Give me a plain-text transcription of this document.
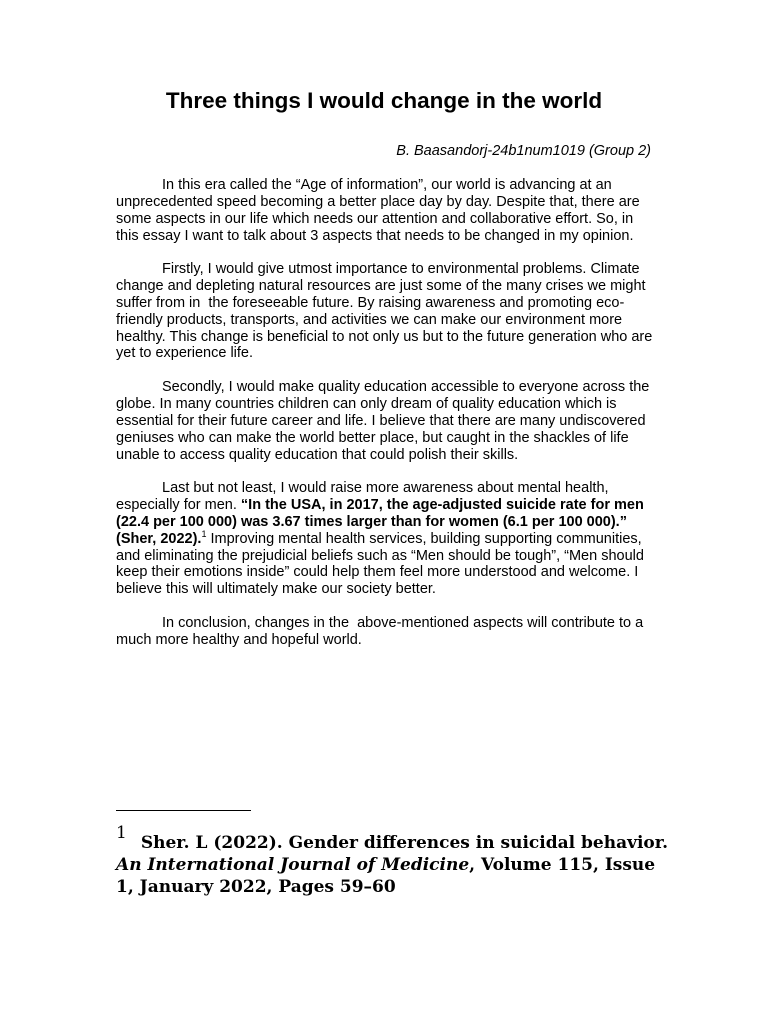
Three things I would change in the world

B. Baasandorj-24b1num1019 (Group 2)

In this era called the “Age of information”, our world is advancing at an unprecedented speed becoming a better place day by day. Despite that, there are some aspects in our life which needs our attention and collaborative effort. So, in this essay I want to talk about 3 aspects that needs to be changed in my opinion.

Firstly, I would give utmost importance to environmental problems. Climate change and depleting natural resources are just some of the many crises we might suffer from in  the foreseeable future. By raising awareness and promoting eco-friendly products, transports, and activities we can make our environment more healthy. This change is beneficial to not only us but to the future generation who are yet to experience life.

Secondly, I would make quality education accessible to everyone across the globe. In many countries children can only dream of quality education which is essential for their future career and life. I believe that there are many undiscovered geniuses who can make the world better place, but caught in the shackles of life unable to access quality education that could polish their skills.

Last but not least, I would raise more awareness about mental health, especially for men. “In the USA, in 2017, the age-adjusted suicide rate for men (22.4 per 100 000) was 3.67 times larger than for women (6.1 per 100 000).” (Sher, 2022).$^1$ Improving mental health services, building supporting communities, and eliminating the prejudicial beliefs such as “Men should be tough”, “Men should keep their emotions inside” could help them feel more understood and welcome. I believe this will ultimately make our society better.

In conclusion, changes in the  above-mentioned aspects will contribute to a much more healthy and hopeful world.

1 Sher. L (2022). Gender differences in suicidal behavior. An International Journal of Medicine, Volume 115, Issue 1, January 2022, Pages 59–60
